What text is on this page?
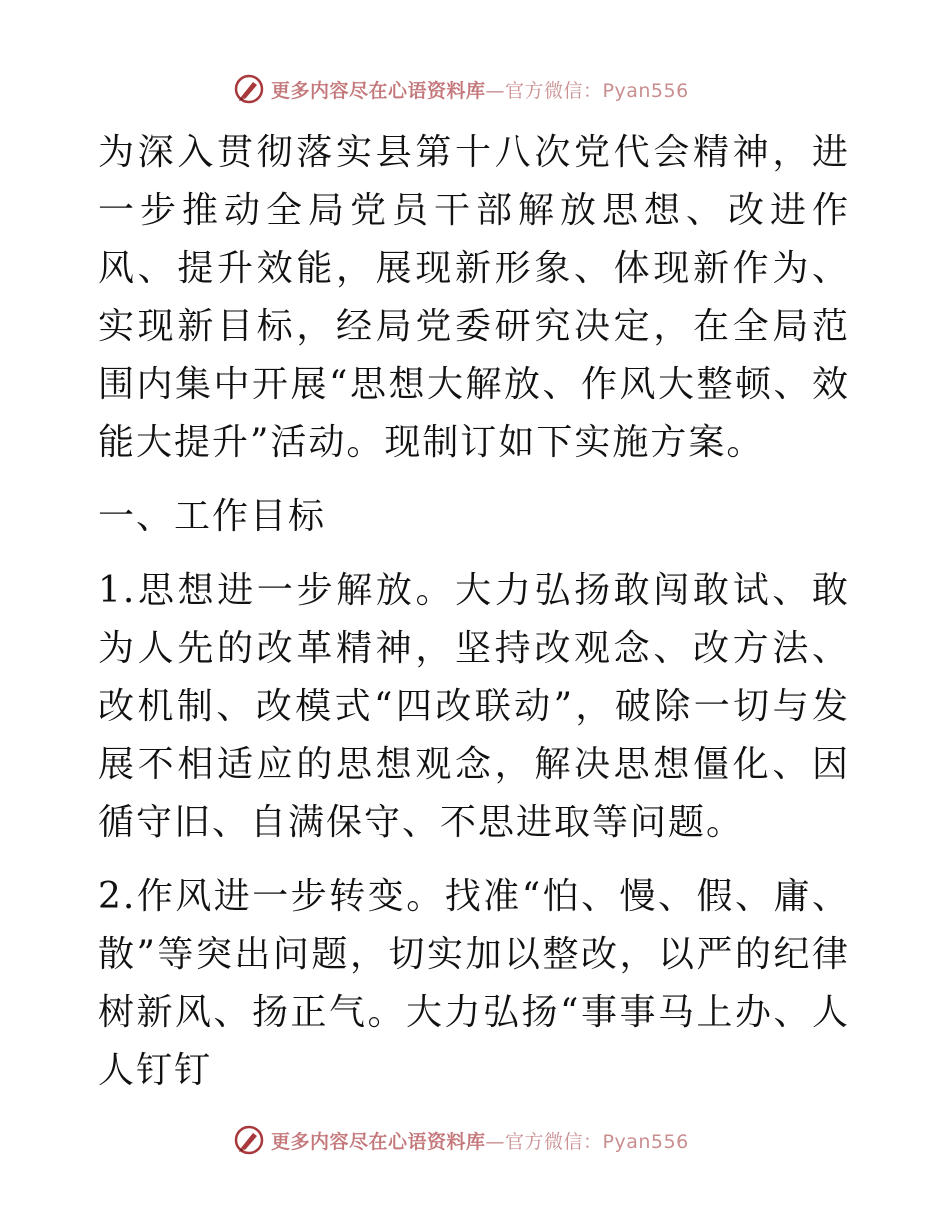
更多内容尽在心语资料库—官方微信：Pyan556

为深入贯彻落实县第十八次党代会精神，进一步推动全局党员干部解放思想、改进作风、提升效能，展现新形象、体现新作为、实现新目标，经局党委研究决定，在全局范围内集中开展“思想大解放、作风大整顿、效能大提升”活动。现制订如下实施方案。

一、工作目标

1.思想进一步解放。大力弘扬敢闯敢试、敢为人先的改革精神，坚持改观念、改方法、改机制、改模式“四改联动”，破除一切与发展不相适应的思想观念，解决思想僵化、因循守旧、自满保守、不思进取等问题。

2.作风进一步转变。找准“怕、慢、假、庸、散”等突出问题，切实加以整改，以严的纪律树新风、扬正气。大力弘扬“事事马上办、人人钉钉

更多内容尽在心语资料库—官方微信：Pyan556
